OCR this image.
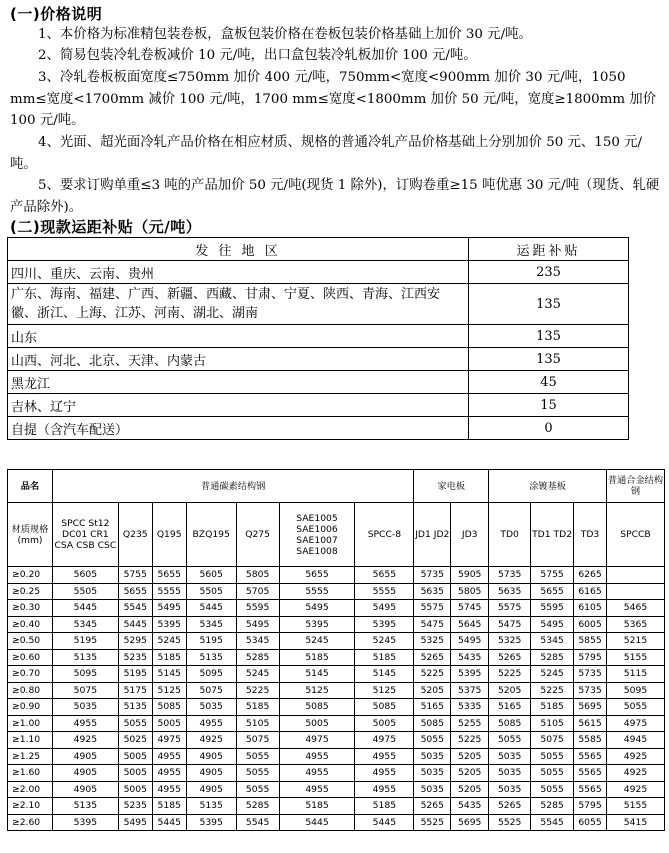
(一)价格说明
1、本价格为标准精包装卷板，盒板包装价格在卷板包装价格基础上加价 30 元/吨。
2、简易包装冷轧卷板减价 10 元/吨，出口盒包装冷轧板加价 100 元/吨。
3、冷轧卷板板面宽度≤750mm 加价 400 元/吨，750mm<宽度<900mm 加价 30 元/吨，1050 mm≤宽度<1700mm 减价 100 元/吨，1700 mm≤宽度<1800mm 加价 50 元/吨，宽度≥1800mm 加价 100 元/吨。
4、光面、超光面冷轧产品价格在相应材质、规格的普通冷轧产品价格基础上分别加价 50 元、150 元/吨。
5、要求订购单重≤3 吨的产品加价 50 元/吨(现货 1 除外)，订购卷重≥15 吨优惠 30 元/吨（现货、轧硬产品除外)。
(二)现款运距补贴（元/吨）
发 往 地 区	运距补贴
四川、重庆、云南、贵州	235
广东、海南、福建、广西、新疆、西藏、甘肃、宁夏、陕西、青海、江西安徽、浙江、上海、江苏、河南、湖北、湖南	135
山东	135
山西、河北、北京、天津、内蒙古	135
黑龙江	45
吉林、辽宁	15
自提（含汽车配送）	0
品名	普通碳素结构钢							家电板		涂镀基板			普通合金结构钢
材质规格(mm)	SPCC St12 DC01 CR1 CSA CSB CSC	Q235	Q195	BZQ195	Q275	SAE1005 SAE1006 SAE1007 SAE1008	SPCC-8	JD1 JD2	JD3	TD0	TD1 TD2	TD3	SPCCB
≥0.20	5605	5755	5655	5605	5805	5655	5655	5735	5905	5735	5755	6265	
≥0.25	5505	5655	5555	5505	5705	5555	5555	5635	5805	5635	5655	6165	
≥0.30	5445	5545	5495	5445	5595	5495	5495	5575	5745	5575	5595	6105	5465
≥0.40	5345	5445	5395	5345	5495	5395	5395	5475	5645	5475	5495	6005	5365
≥0.50	5195	5295	5245	5195	5345	5245	5245	5325	5495	5325	5345	5855	5215
≥0.60	5135	5235	5185	5135	5285	5185	5185	5265	5435	5265	5285	5795	5155
≥0.70	5095	5195	5145	5095	5245	5145	5145	5225	5395	5225	5245	5735	5115
≥0.80	5075	5175	5125	5075	5225	5125	5125	5205	5375	5205	5225	5735	5095
≥0.90	5035	5135	5085	5035	5185	5085	5085	5165	5335	5165	5185	5695	5055
≥1.00	4955	5055	5005	4955	5105	5005	5005	5085	5255	5085	5105	5615	4975
≥1.10	4925	5025	4975	4925	5075	4975	4975	5055	5225	5055	5075	5585	4945
≥1.25	4905	5005	4955	4905	5055	4955	4955	5035	5205	5035	5055	5565	4925
≥1.60	4905	5005	4955	4905	5055	4955	4955	5035	5205	5035	5055	5565	4925
≥2.00	4905	5005	4955	4905	5055	4955	4955	5035	5205	5035	5055	5565	4925
≥2.10	5135	5235	5185	5135	5285	5185	5185	5265	5435	5265	5285	5795	5155
≥2.60	5395	5495	5445	5395	5545	5445	5445	5525	5695	5525	5545	6055	5415
